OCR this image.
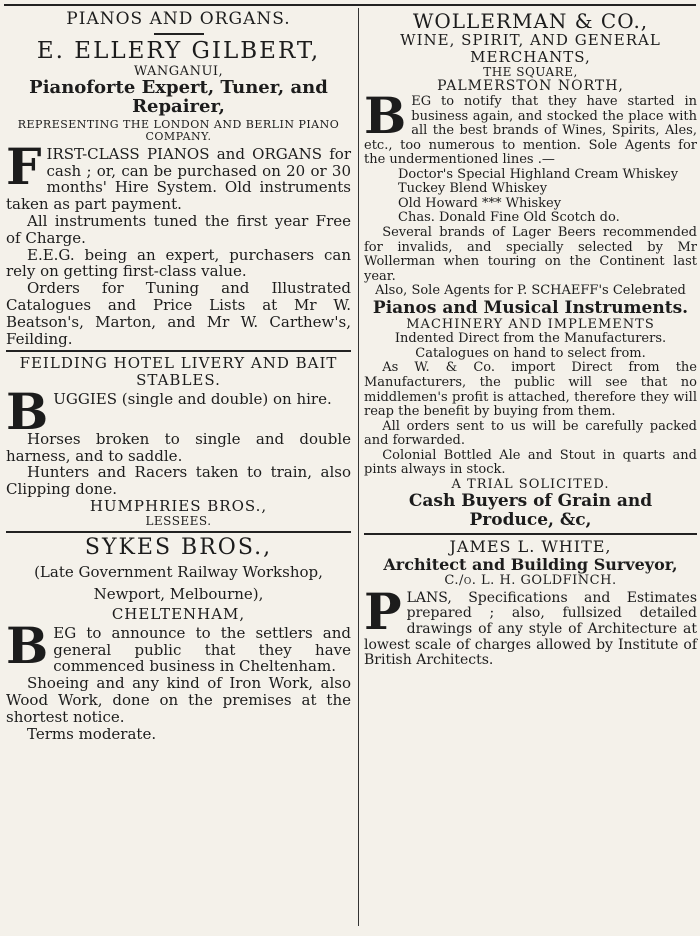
PIANOS AND ORGANS.

E. ELLERY GILBERT,

WANGANUI,

Pianoforte Expert, Tuner, and Repairer,

REPRESENTING THE LONDON AND BERLIN PIANO COMPANY.

FIRST-CLASS PIANOS and ORGANS for cash ; or, can be purchased on 20 or 30 months' Hire System. Old instruments taken as part payment.

All instruments tuned the first year Free of Charge.

E.E.G. being an expert, purchasers can rely on getting first-class value.

Orders for Tuning and Illustrated Catalogues and Price Lists at Mr W. Beatson's, Marton, and Mr W. Carthew's, Feilding.

FEILDING HOTEL LIVERY AND BAIT STABLES.

BUGGIES (single and double) on hire.

Horses broken to single and double harness, and to saddle.

Hunters and Racers taken to train, also Clipping done.

HUMPHRIES BROS.,

LESSEES.

SYKES BROS.,

(Late Government Railway Workshop, Newport, Melbourne),

CHELTENHAM,

BEG to announce to the settlers and general public that they have commenced business in Cheltenham.

Shoeing and any kind of Iron Work, also Wood Work, done on the premises at the shortest notice.

Terms moderate.

WOLLERMAN & CO.,

WINE, SPIRIT, AND GENERAL MERCHANTS,

THE SQUARE,

PALMERSTON NORTH,

BEG to notify that they have started in business again, and stocked the place with all the best brands of Wines, Spirits, Ales, etc., too numerous to mention. Sole Agents for the undermentioned lines .—

Doctor's Special Highland Cream Whiskey

Tuckey Blend Whiskey

Old Howard *** Whiskey

Chas. Donald Fine Old Scotch do.

Several brands of Lager Beers recommended for invalids, and specially selected by Mr Wollerman when touring on the Continent last year.

Also, Sole Agents for P. SCHAEFF's Celebrated

Pianos and Musical Instruments.

MACHINERY AND IMPLEMENTS

Indented Direct from the Manufacturers.

Catalogues on hand to select from.

As W. & Co. import Direct from the Manufacturers, the public will see that no middlemen's profit is attached, therefore they will reap the benefit by buying from them.

All orders sent to us will be carefully packed and forwarded.

Colonial Bottled Ale and Stout in quarts and pints always in stock.

A TRIAL SOLICITED.

Cash Buyers of Grain and Produce, &c,

JAMES L. WHITE,

Architect and Building Surveyor,

C./o. L. H. GOLDFINCH.

PLANS, Specifications and Estimates prepared ; also, fullsized detailed drawings of any style of Architecture at lowest scale of charges allowed by Institute of British Architects.
